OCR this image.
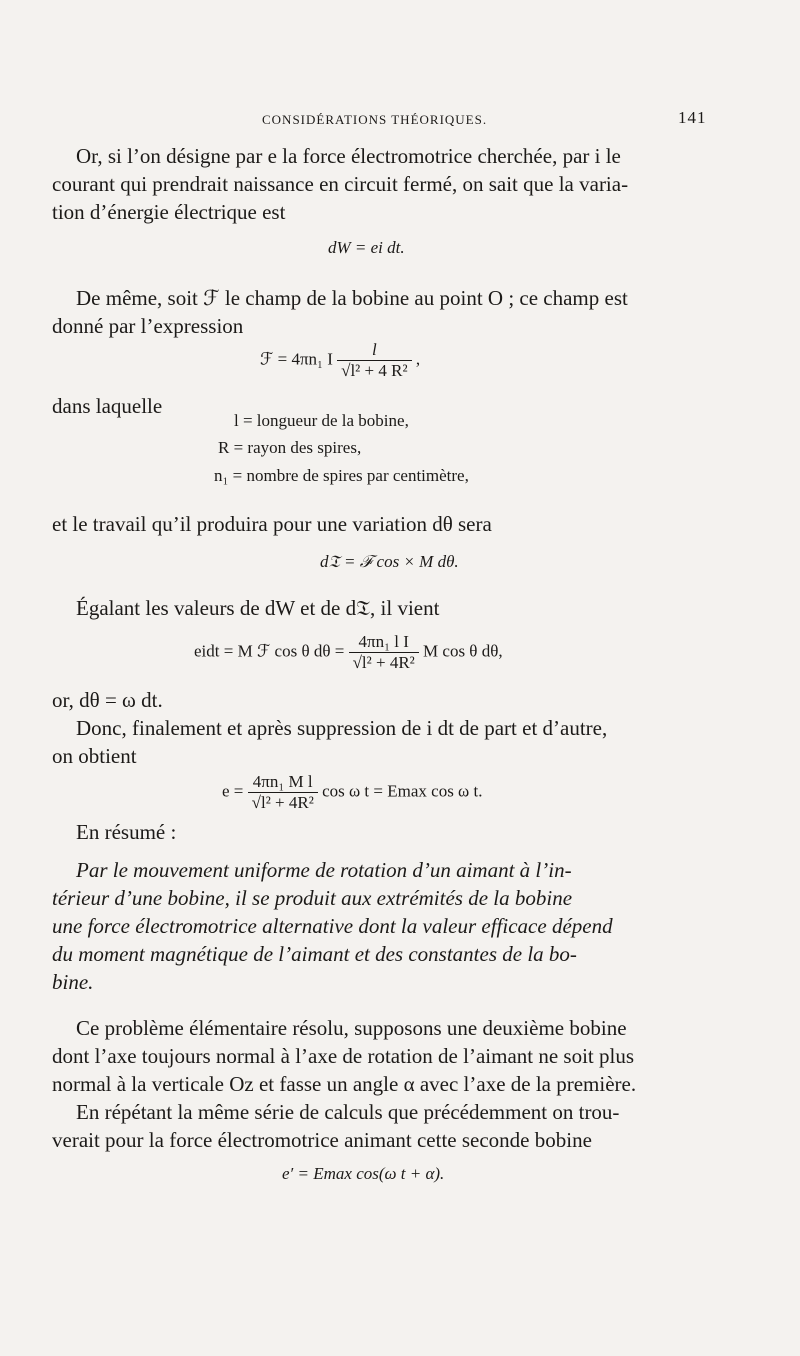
CONSIDÉRATIONS THÉORIQUES.	141
Or, si l’on désigne par e la force électromotrice cherchée, par i le
courant qui prendrait naissance en circuit fermé, on sait que la varia-
tion d’énergie électrique est
dW = ei dt.
De même, soit ℱ le champ de la bobine au point O ; ce champ est
donné par l’expression
ℱ = 4πn₁ I $\frac{l}{\text{√l² + 4 R²}}$ ,
dans laquelle
l = longueur de la bobine,
R = rayon des spires,
n₁ = nombre de spires par centimètre,
et le travail qu’il produira pour une variation dθ sera
d𝔗 = ℱ cos × M dθ.
Égalant les valeurs de dW et de d𝔗, il vient
eidt = M ℱ cos θ $d\theta = \frac{\text{4πn₁ l I}}{\text{√l² + 4R²}}$ M cos θ dθ,
or, dθ = ω dt.
Donc, finalement et après suppression de i dt de part et d’autre,
on obtient
$e = \frac{\text{4πn₁ M l}}{\text{√l² + 4R²}}$ cos ω t = Emax cos ω t.
En résumé :
Par le mouvement uniforme de rotation d’un aimant à l’in-
térieur d’une bobine, il se produit aux extrémités de la bobine
une force électromotrice alternative dont la valeur efficace dépend
du moment magnétique de l’aimant et des constantes de la bo-
bine.
Ce problème élémentaire résolu, supposons une deuxième bobine
dont l’axe toujours normal à l’axe de rotation de l’aimant ne soit plus
normal à la verticale Oz et fasse un angle α avec l’axe de la première.
En répétant la même série de calculs que précédemment on trou-
verait pour la force électromotrice animant cette seconde bobine
e′ = Emax cos(ω t + α).
